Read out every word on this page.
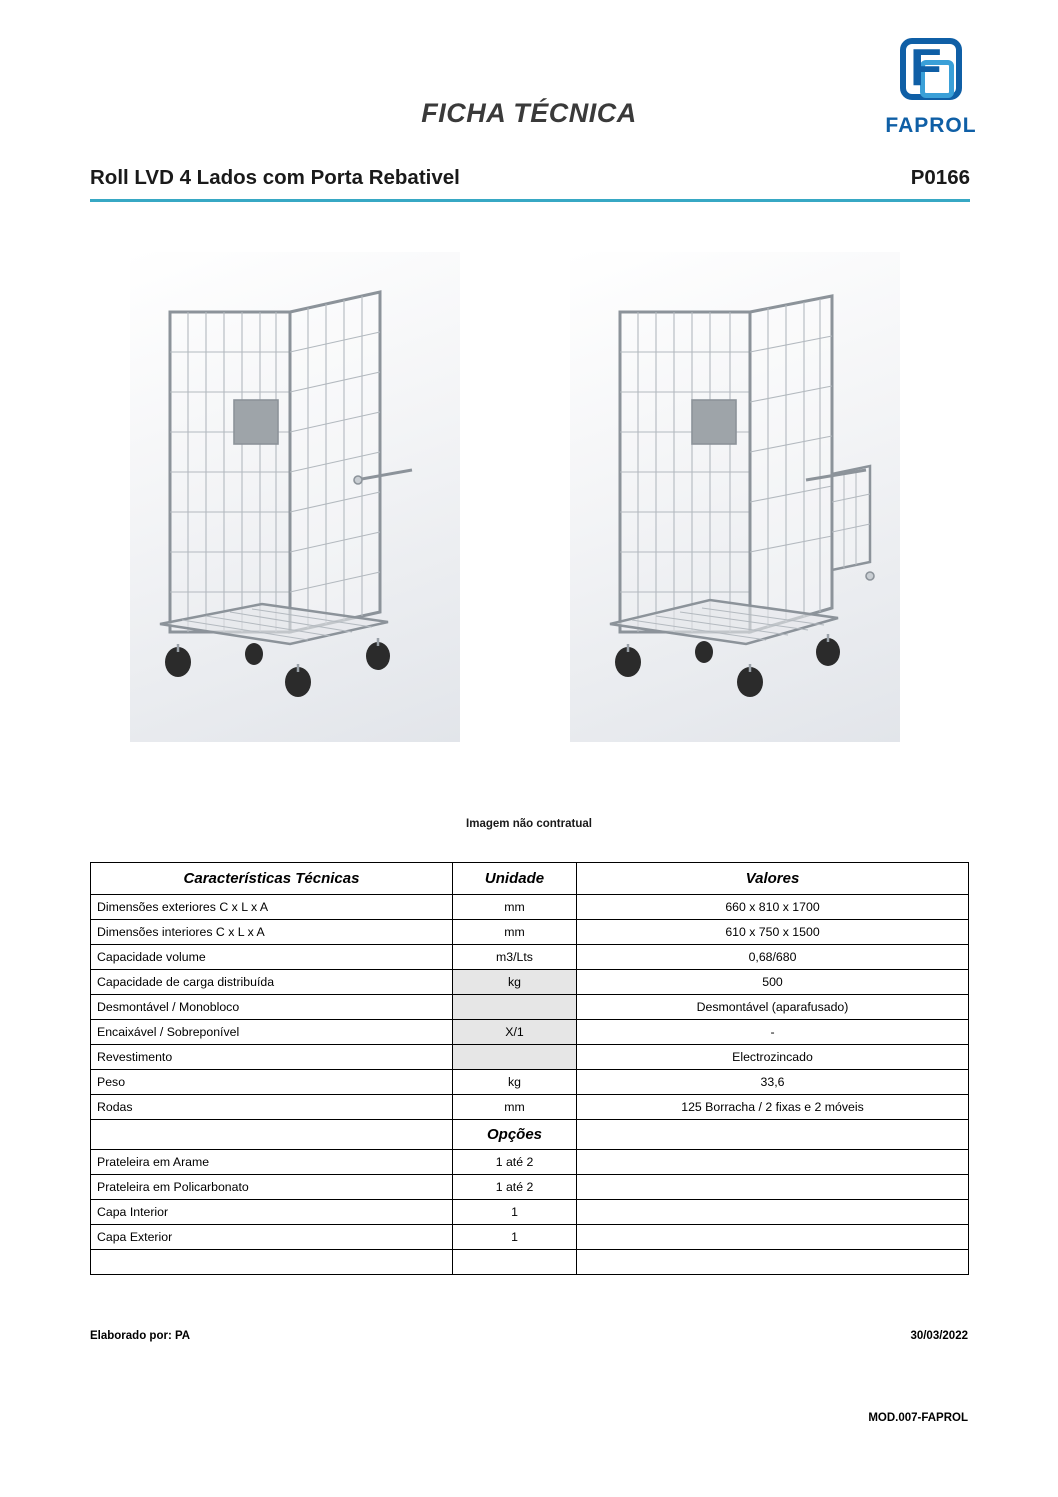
FICHA TÉCNICA
F
FAPROL
Roll LVD 4 Lados com Porta Rebativel	P0166
Imagem não contratual
Características Técnicas	Unidade	Valores
Dimensões exteriores C x L x A	mm	660 x 810 x 1700
Dimensões interiores C x L x A	mm	610 x 750 x 1500
Capacidade volume	m3/Lts	0,68/680
Capacidade de carga distribuída	kg	500
Desmontável / Monobloco		Desmontável (aparafusado)
Encaixável / Sobreponível	X/1	-
Revestimento		Electrozincado
Peso	kg	33,6
Rodas	mm	125 Borracha / 2 fixas e 2 móveis
	Opções	
Prateleira em Arame	1 até 2	
Prateleira em Policarbonato	1 até 2	
Capa Interior	1	
Capa Exterior	1	

Elaborado por: PA	30/03/2022
MOD.007-FAPROL
